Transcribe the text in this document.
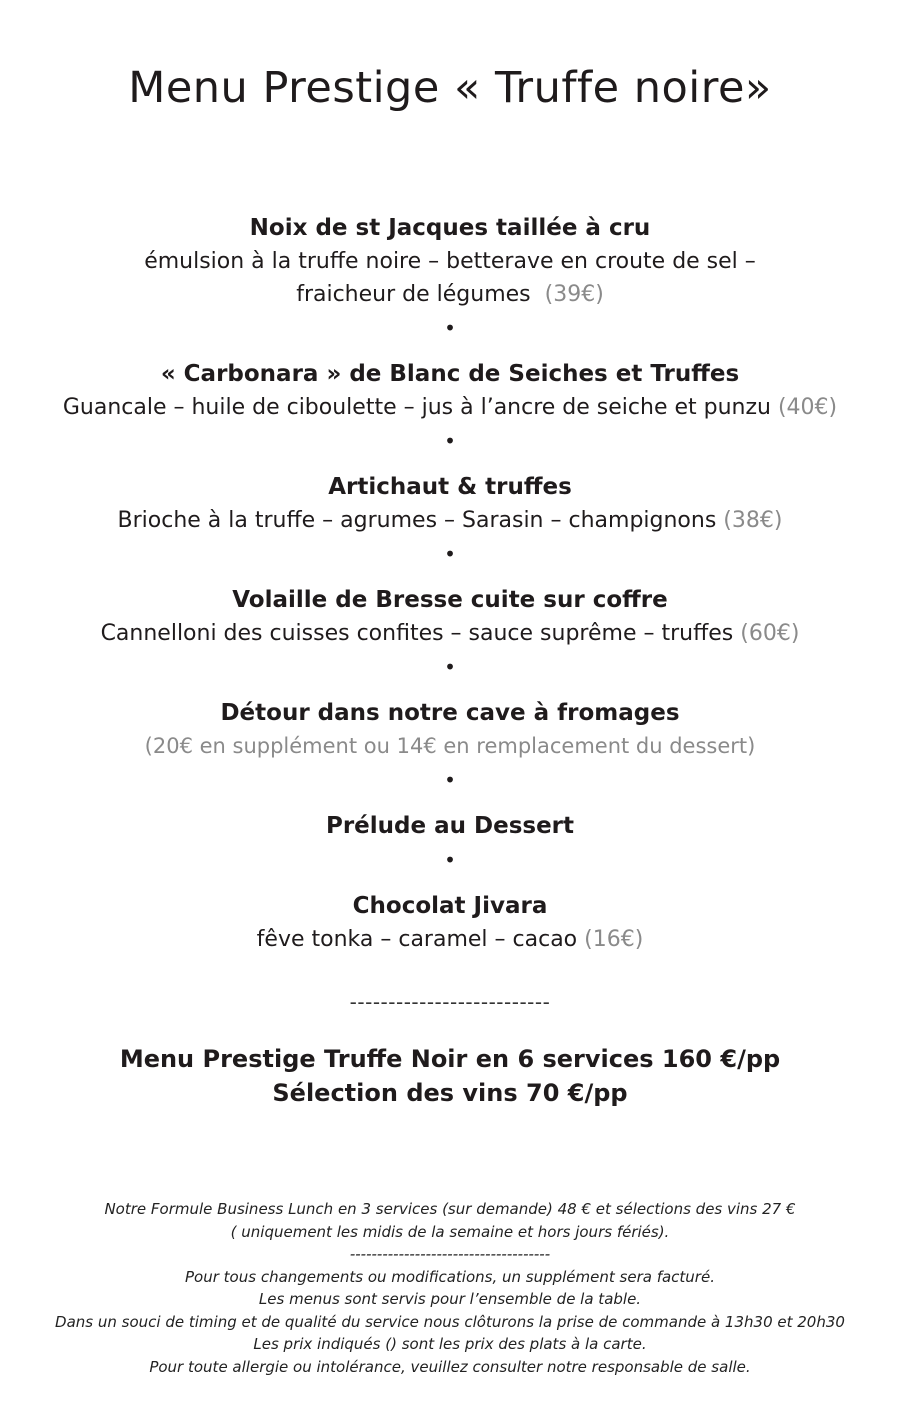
Menu Prestige « Truffe noire»

Noix de st Jacques taillée à cru

émulsion à la truffe noire – betterave en croute de sel –

fraicheur de légumes (39€)

•

« Carbonara » de Blanc de Seiches et Truffes

Guancale – huile de ciboulette – jus à l’ancre de seiche et punzu (40€)

•

Artichaut & truffes

Brioche à la truffe – agrumes – Sarasin – champignons (38€)

•

Volaille de Bresse cuite sur coffre

Cannelloni des cuisses confites – sauce suprême – truffes (60€)

•

Détour dans notre cave à fromages

(20€ en supplément ou 14€ en remplacement du dessert)

•

Prélude au Dessert

•

Chocolat Jivara

fêve tonka – caramel – cacao (16€)

--------------------------

Menu Prestige Truffe Noir en 6 services 160 €/pp

Sélection des vins 70 €/pp

Notre Formule Business Lunch en 3 services (sur demande) 48 € et sélections des vins 27 €

( uniquement les midis de la semaine et hors jours fériés).

-------------------------------------

Pour tous changements ou modifications, un supplément sera facturé.

Les menus sont servis pour l’ensemble de la table.

Dans un souci de timing et de qualité du service nous clôturons la prise de commande à 13h30 et 20h30

Les prix indiqués () sont les prix des plats à la carte.

Pour toute allergie ou intolérance, veuillez consulter notre responsable de salle.
